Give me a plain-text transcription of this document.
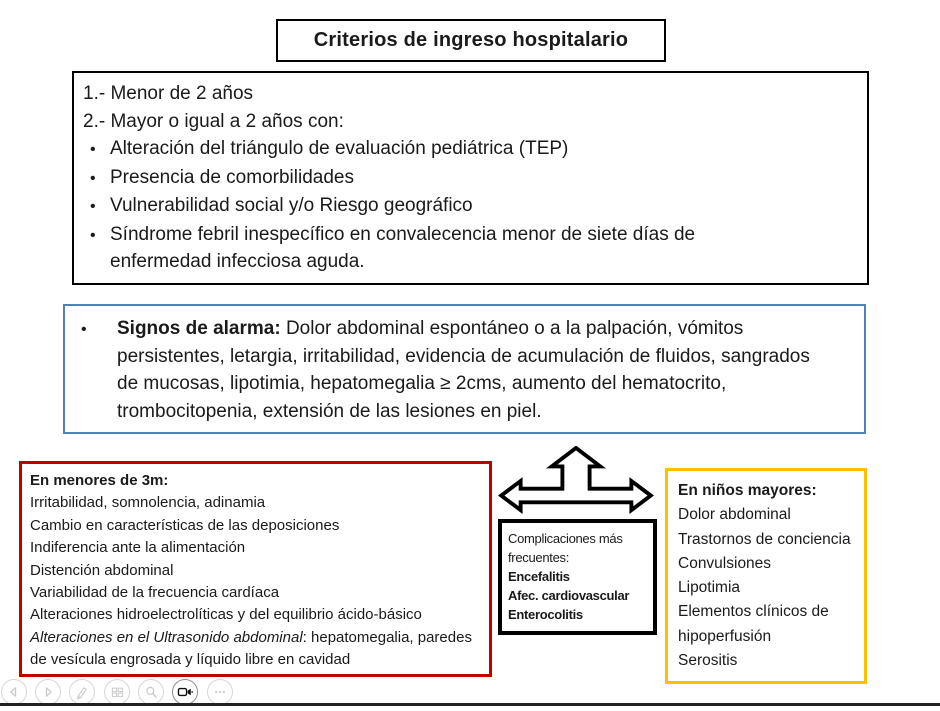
Criterios de ingreso hospitalario
1.- Menor de 2 años
2.- Mayor o igual a 2 años con:
•
Alteración del triángulo de evaluación pediátrica (TEP)
•
Presencia de comorbilidades
•
Vulnerabilidad social y/o Riesgo geográfico
•
Síndrome febril inespecífico en convalecencia menor de siete días de enfermedad infecciosa aguda.
•
Signos de alarma: Dolor abdominal espontáneo o a la palpación, vómitos persistentes, letargia, irritabilidad, evidencia de acumulación de fluidos, sangrados de mucosas, lipotimia, hepatomegalia ≥ 2cms, aumento del hematocrito, trombocitopenia, extensión de las lesiones en piel.
En menores de 3m:
Irritabilidad, somnolencia, adinamia
Cambio en características de las deposiciones
Indiferencia ante la alimentación
Distención abdominal
Variabilidad de la frecuencia cardíaca
Alteraciones hidroelectrolíticas y del equilibrio ácido-básico
Alteraciones en el Ultrasonido abdominal: hepatomegalia, paredes de vesícula engrosada y líquido libre en cavidad
Complicaciones más frecuentes:
Encefalitis
Afec. cardiovascular
Enterocolitis
En niños mayores:
Dolor abdominal
Trastornos de conciencia
Convulsiones
Lipotimia
Elementos clínicos de hipoperfusión
Serositis
